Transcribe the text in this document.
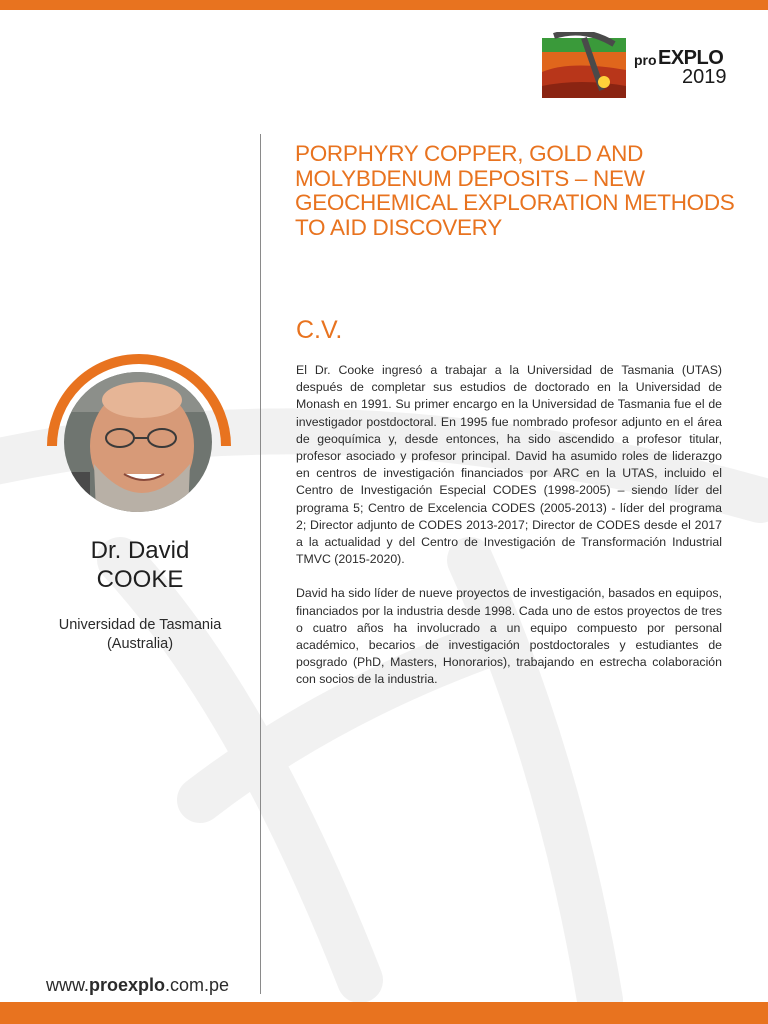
pro EXPLO
2019
PORPHYRY COPPER, GOLD AND MOLYBDENUM DEPOSITS – NEW GEOCHEMICAL EXPLORATION METHODS TO AID DISCOVERY
C.V.

El Dr. Cooke ingresó a trabajar a la Universidad de Tasmania (UTAS) después de completar sus estudios de doctorado en la Universidad de Monash en 1991. Su primer encargo en la Universidad de Tasmania fue el de investigador postdoctoral. En 1995 fue nombrado profesor adjunto en el área de geoquímica y, desde entonces, ha sido ascendido a profesor titular, profesor asociado y profesor principal. David ha asumido roles de liderazgo en centros de investigación financiados por ARC en la UTAS, incluido el Centro de Investigación Especial CODES (1998-2005) – siendo líder del programa 5; Centro de Excelencia CODES (2005-2013) - líder del programa 2; Director adjunto de CODES 2013-2017; Director de CODES desde el 2017 a la actualidad y del Centro de Investigación de Transformación Industrial TMVC (2015-2020).

David ha sido líder de nueve proyectos de investigación, basados en equipos, financiados por la industria desde 1998. Cada uno de estos proyectos de tres o cuatro años ha involucrado a un equipo compuesto por personal académico, becarios de investigación postdoctorales y estudiantes de posgrado (PhD, Masters, Honorarios), trabajando en estrecha colaboración con socios de la industria.

Dr. David
COOKE
Universidad de Tasmania
(Australia)
www.proexplo.com.pe
